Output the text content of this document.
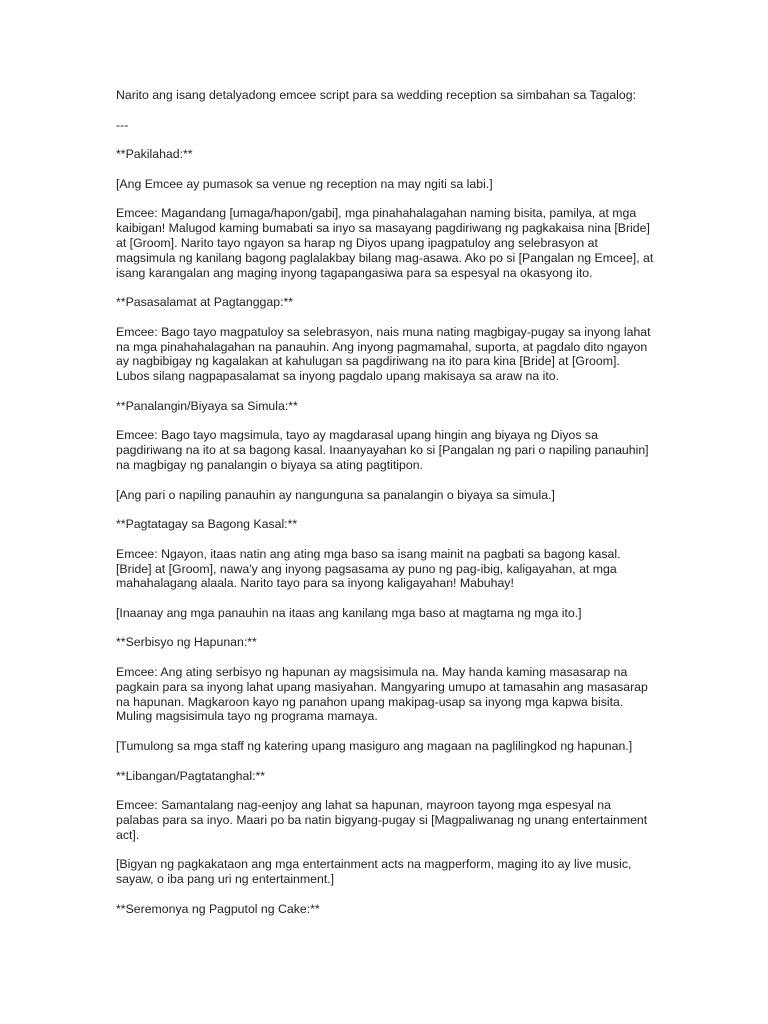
Narito ang isang detalyadong emcee script para sa wedding reception sa simbahan sa Tagalog:

---

**Pakilahad:**

[Ang Emcee ay pumasok sa venue ng reception na may ngiti sa labi.]

Emcee: Magandang [umaga/hapon/gabi], mga pinahahalagahan naming bisita, pamilya, at mga kaibigan! Malugod kaming bumabati sa inyo sa masayang pagdiriwang ng pagkakaisa nina [Bride] at [Groom]. Narito tayo ngayon sa harap ng Diyos upang ipagpatuloy ang selebrasyon at magsimula ng kanilang bagong paglalakbay bilang mag-asawa. Ako po si [Pangalan ng Emcee], at isang karangalan ang maging inyong tagapangasiwa para sa espesyal na okasyong ito.

**Pasasalamat at Pagtanggap:**

Emcee: Bago tayo magpatuloy sa selebrasyon, nais muna nating magbigay-pugay sa inyong lahat na mga pinahahalagahan na panauhin. Ang inyong pagmamahal, suporta, at pagdalo dito ngayon ay nagbibigay ng kagalakan at kahulugan sa pagdiriwang na ito para kina [Bride] at [Groom]. Lubos silang nagpapasalamat sa inyong pagdalo upang makisaya sa araw na ito.

**Panalangin/Biyaya sa Simula:**

Emcee: Bago tayo magsimula, tayo ay magdarasal upang hingin ang biyaya ng Diyos sa pagdiriwang na ito at sa bagong kasal. Inaanyayahan ko si [Pangalan ng pari o napiling panauhin] na magbigay ng panalangin o biyaya sa ating pagtitipon.

[Ang pari o napiling panauhin ay nangunguna sa panalangin o biyaya sa simula.]

**Pagtatagay sa Bagong Kasal:**

Emcee: Ngayon, itaas natin ang ating mga baso sa isang mainit na pagbati sa bagong kasal. [Bride] at [Groom], nawa'y ang inyong pagsasama ay puno ng pag-ibig, kaligayahan, at mga mahahalagang alaala. Narito tayo para sa inyong kaligayahan! Mabuhay!

[Inaanay ang mga panauhin na itaas ang kanilang mga baso at magtama ng mga ito.]

**Serbisyo ng Hapunan:**

Emcee: Ang ating serbisyo ng hapunan ay magsisimula na. May handa kaming masasarap na pagkain para sa inyong lahat upang masiyahan. Mangyaring umupo at tamasahin ang masasarap na hapunan. Magkaroon kayo ng panahon upang makipag-usap sa inyong mga kapwa bisita. Muling magsisimula tayo ng programa mamaya.

[Tumulong sa mga staff ng katering upang masiguro ang magaan na paglilingkod ng hapunan.]

**Libangan/Pagtatanghal:**

Emcee: Samantalang nag-eenjoy ang lahat sa hapunan, mayroon tayong mga espesyal na palabas para sa inyo. Maari po ba natin bigyang-pugay si [Magpaliwanag ng unang entertainment act].

[Bigyan ng pagkakataon ang mga entertainment acts na magperform, maging ito ay live music, sayaw, o iba pang uri ng entertainment.]

**Seremonya ng Pagputol ng Cake:**
